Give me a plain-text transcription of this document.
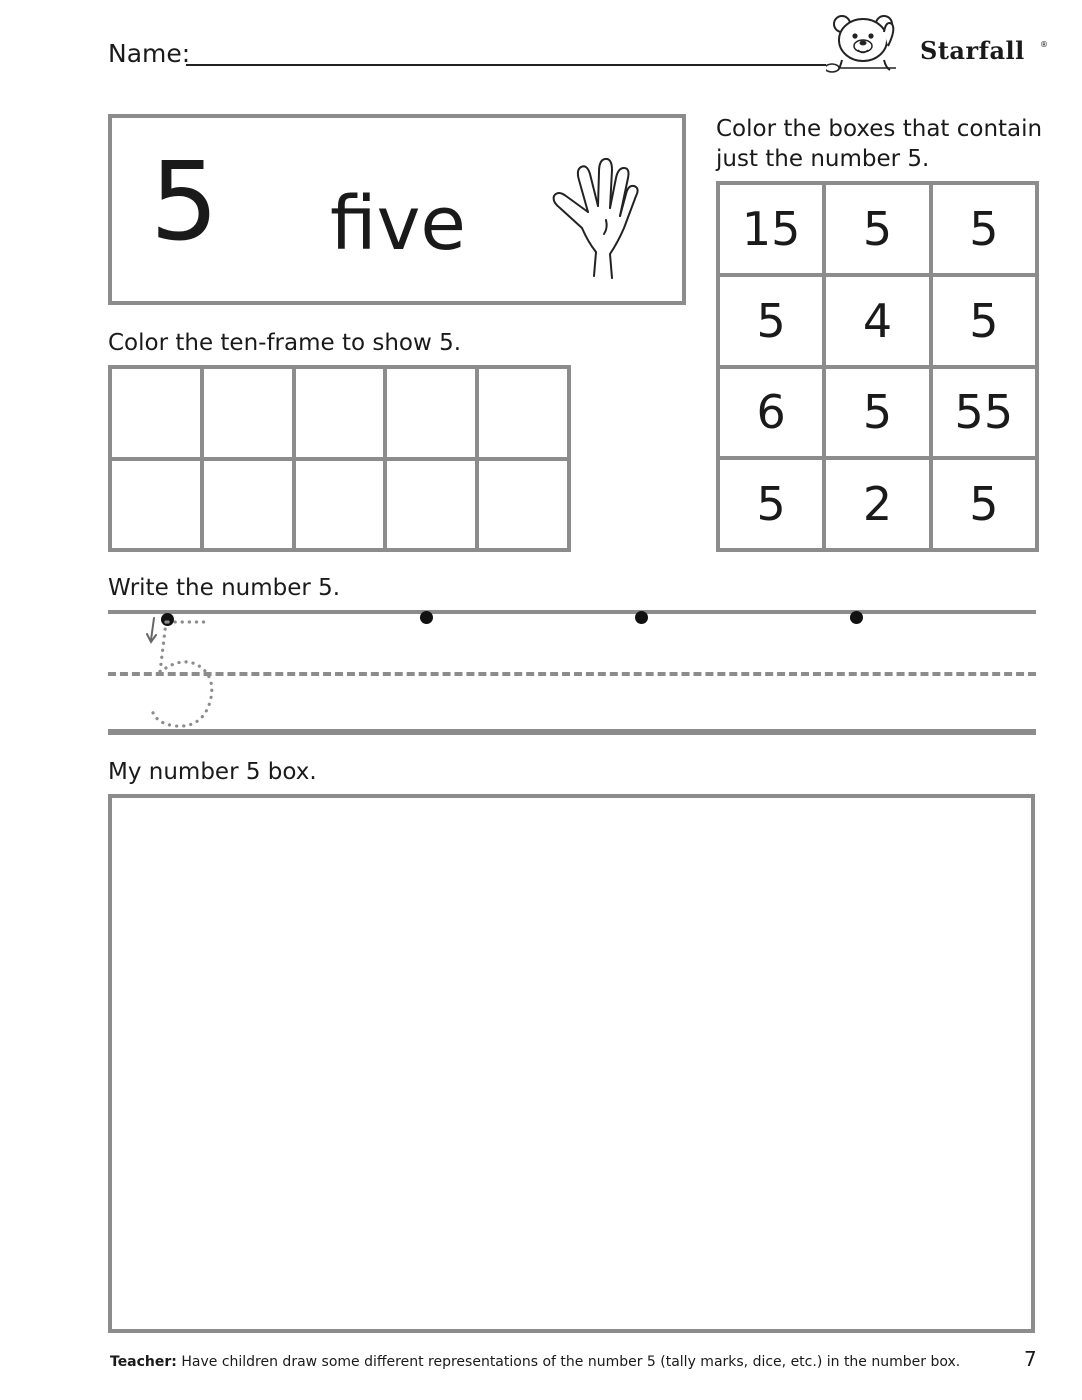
Name:	Starfall ®
5 five
Color the boxes that contain just the number 5.
Color the ten-frame to show 5.
Write the number 5.
My number 5 box.
15	5	5
5	4	5
6	5	55
5	2	5
Teacher: Have children draw some different representations of the number 5 (tally marks, dice, etc.) in the number box.	7
